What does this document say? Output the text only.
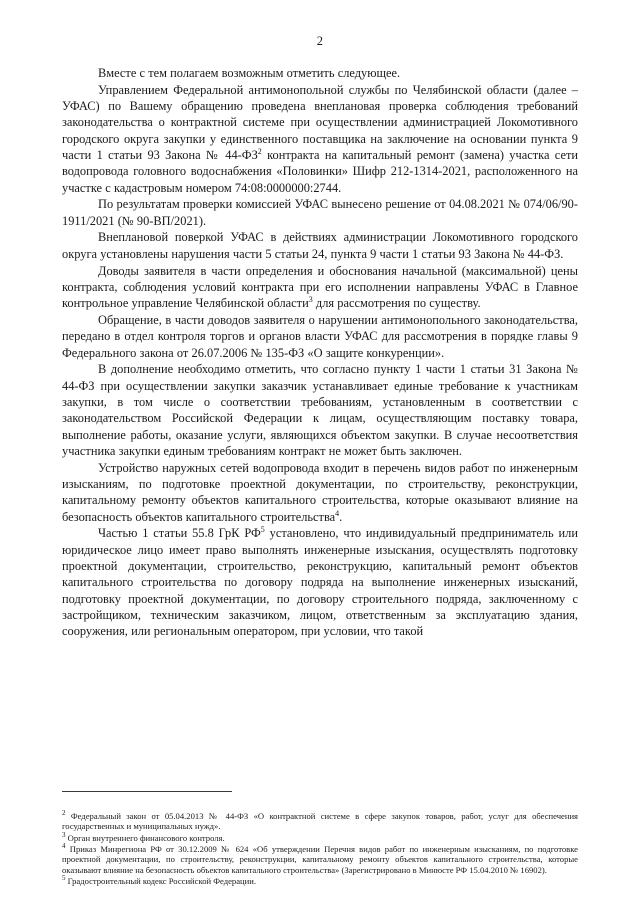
2

Вместе с тем полагаем возможным отметить следующее.

Управлением Федеральной антимонопольной службы по Челябинской области (далее – УФАС) по Вашему обращению проведена внеплановая проверка соблюдения требований законодательства о контрактной системе при осуществлении администрацией Локомотивного городского округа закупки у единственного поставщика на заключение на основании пункта 9 части 1 статьи 93 Закона № $44-ФЗ^2$ контракта на капитальный ремонт (замена) участка сети водопровода головного водоснабжения «Половинки» Шифр 212-1314-2021, расположенного на участке с кадастровым номером 74:08:0000000:2744.

По результатам проверки комиссией УФАС вынесено решение от 04.08.2021 № 074/06/90-1911/2021 (№ 90-ВП/2021).

Внеплановой поверкой УФАС в действиях администрации Локомотивного городского округа установлены нарушения части 5 статьи 24, пункта 9 части 1 статьи 93 Закона № 44-ФЗ.

Доводы заявителя в части определения и обоснования начальной (максимальной) цены контракта, соблюдения условий контракта при его исполнении направлены УФАС в Главное контрольное управление Челябинской области$^3$ для рассмотрения по существу.

Обращение, в части доводов заявителя о нарушении антимонопольного законодательства, передано в отдел контроля торгов и органов власти УФАС для рассмотрения в порядке главы 9 Федерального закона от 26.07.2006 № 135-ФЗ «О защите конкуренции».

В дополнение необходимо отметить, что согласно пункту 1 части 1 статьи 31 Закона № 44-ФЗ при осуществлении закупки заказчик устанавливает единые требование к участникам закупки, в том числе о соответствии требованиям, установленным в соответствии с законодательством Российской Федерации к лицам, осуществляющим поставку товара, выполнение работы, оказание услуги, являющихся объектом закупки. В случае несоответствия участника закупки единым требованиям контракт не может быть заключен.

Устройство наружных сетей водопровода входит в перечень видов работ по инженерным изысканиям, по подготовке проектной документации, по строительству, реконструкции, капитальному ремонту объектов капитального строительства, которые оказывают влияние на безопасность объектов капитального строительства$^4$.

Частью 1 статьи 55.8 ГрК $РФ^5$ установлено, что индивидуальный предприниматель или юридическое лицо имеет право выполнять инженерные изыскания, осуществлять подготовку проектной документации, строительство, реконструкцию, капитальный ремонт объектов капитального строительства по договору подряда на выполнение инженерных изысканий, подготовку проектной документации, по договору строительного подряда, заключенному с застройщиком, техническим заказчиком, лицом, ответственным за эксплуатацию здания, сооружения, или региональным оператором, при условии, что такой

$^2$ Федеральный закон от 05.04.2013 № 44-ФЗ «О контрактной системе в сфере закупок товаров, работ, услуг для обеспечения государственных и муниципальных нужд».

$^3$ Орган внутреннего финансового контроля.

$^4$ Приказ Минрегиона РФ от 30.12.2009 № 624 «Об утверждении Перечня видов работ по инженерным изысканиям, по подготовке проектной документации, по строительству, реконструкции, капитальному ремонту объектов капитального строительства, которые оказывают влияние на безопасность объектов капитального строительства» (Зарегистрировано в Минюсте РФ 15.04.2010 № 16902).

$^5$ Градостроительный кодекс Российской Федерации.
